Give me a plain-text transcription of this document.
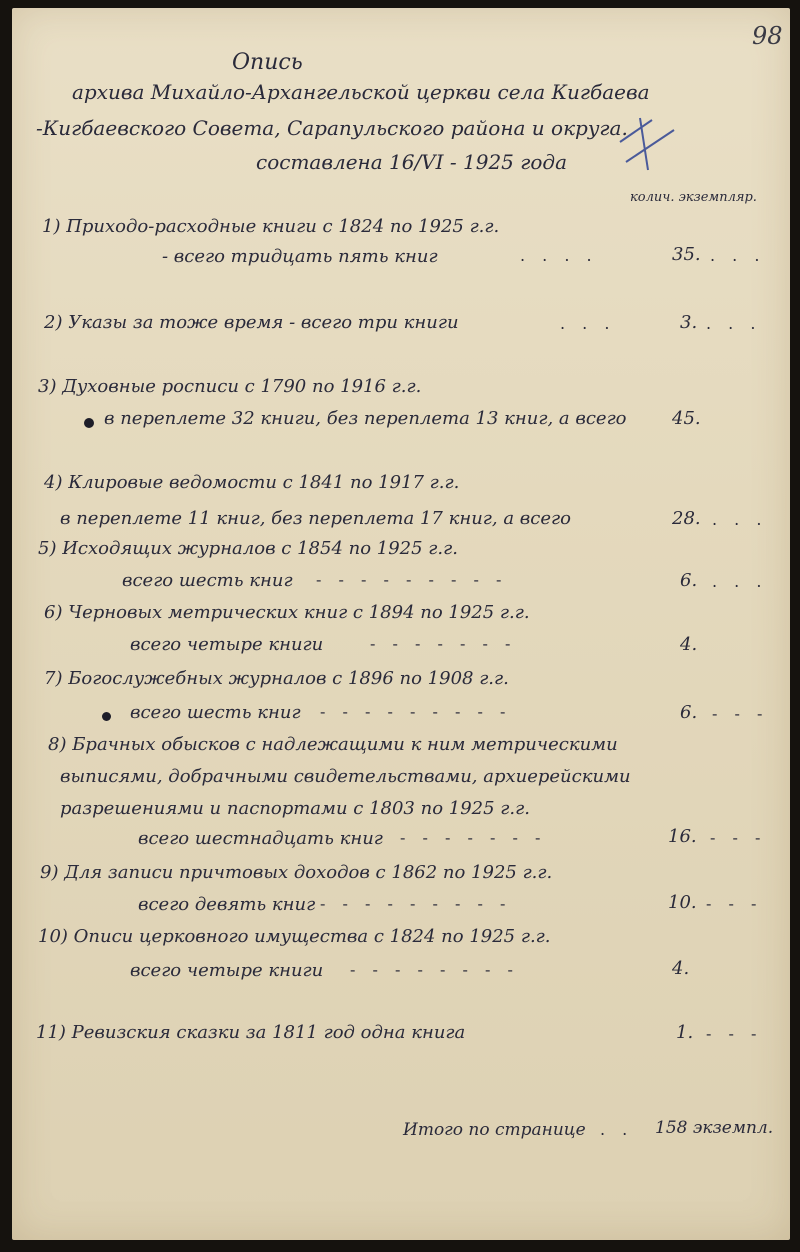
98
Опись
архива Михайло-Архангельской церкви села Кигбаева
-Кигбаевского Совета, Сарапульского района и округа.
составлена 16/VI - 1925 года
колич. экземпляр.
1) Приходо-расходные книги с 1824 по 1925 г.г.
- всего тридцать пять книг	. . . .	35. . . .
2) Указы за тоже время - всего три книги	. . .	3. . . .
3) Духовные росписи с 1790 по 1916 г.г.
в переплете 32 книги, без переплета 13 книг, а всего	45.
4) Клировые ведомости с 1841 по 1917 г.г.
в переплете 11 книг, без переплета 17 книг, а всего	28. . . .
5) Исходящих журналов с 1854 по 1925 г.г.
всего шесть книг - - - - - - - - -	6. . . .
6) Черновых метрических книг с 1894 по 1925 г.г.
всего четыре книги	- - - - - - -	4.
7) Богослужебных журналов с 1896 по 1908 г.г.
всего шесть книг - - - - - - - - -	6. - - -
8) Брачных обысков с надлежащими к ним метрическими
выписями, добрачными свидетельствами, архиерейскими
разрешениями и паспортами с 1803 по 1925 г.г.
всего шестнадцать книг - - - - - - -	16. - - -
9) Для записи причтовых доходов с 1862 по 1925 г.г.
всего девять книг - - - - - - - - -	10. - - -
10) Описи церковного имущества с 1824 по 1925 г.г.
всего четыре книги - - - - - - - -	4.
11) Ревизския сказки за 1811 год одна книга	1. - - -
Итого по странице . . 158 экземпл.
